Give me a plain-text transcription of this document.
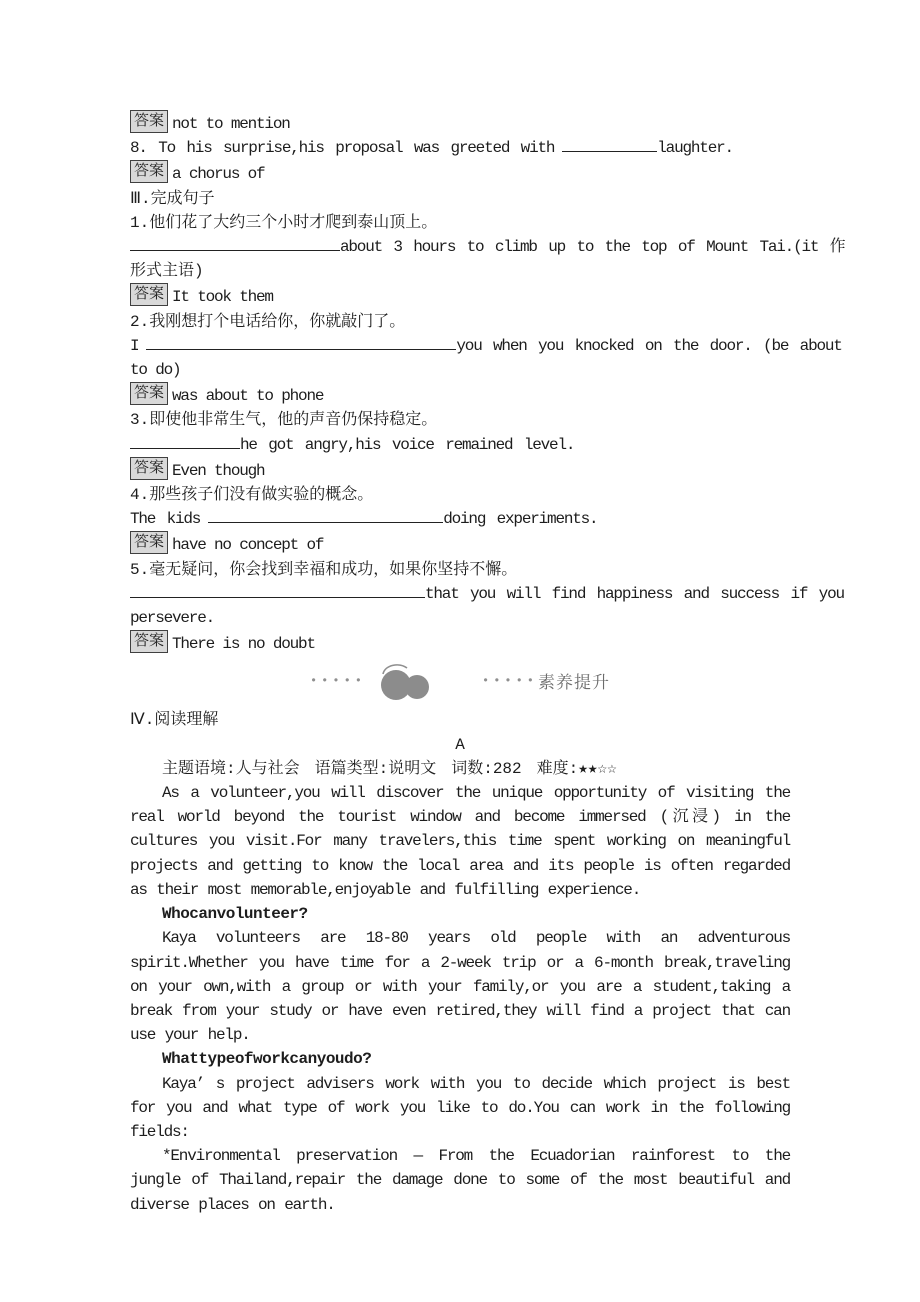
答案 not to mention
8. To his surprise,his proposal was greeted with	laughter.
答案 a chorus of
Ⅲ.完成句子
1.他们花了大约三个小时才爬到泰山顶上。
about 3 hours to climb up to the top of Mount Tai.(it 作
形式主语)
答案 It took them
2.我刚想打个电话给你，你就敲门了。
I	you when you knocked on the door. (be about
to do)
答案 was about to phone
3.即使他非常生气，他的声音仍保持稳定。
he got angry,his voice remained level.
答案 Even though
4.那些孩子们没有做实验的概念。
The kids	doing experiments.
答案 have no concept of
5.毫无疑问，你会找到幸福和成功，如果你坚持不懈。
that you will find happiness and success if you
persevere.
答案 There is no doubt
•••••	••••• 素养提升
Ⅳ.阅读理解
A
主题语境:人与社会 语篇类型:说明文 词数:282 难度:★★☆☆

As a volunteer,you will discover the unique opportunity of visiting the real world beyond the tourist window and become immersed (沉浸) in the cultures you visit.For many travelers,this time spent working on meaningful projects and getting to know the local area and its people is often regarded as their most memorable,enjoyable and fulfilling experience.

Whocanvolunteer?

Kaya volunteers are 18-80 years old people with an adventurous spirit.Whether you have time for a 2-week trip or a 6-month break,traveling on your own,with a group or with your family,or you are a student,taking a break from your study or have even retired,they will find a project that can use your help.

Whattypeofworkcanyoudo?

Kaya’ s project advisers work with you to decide which project is best for you and what type of work you like to do.You can work in the following fields:

*Environmental preservation — From the Ecuadorian rainforest to the jungle of Thailand,repair the damage done to some of the most beautiful and diverse places on earth.
